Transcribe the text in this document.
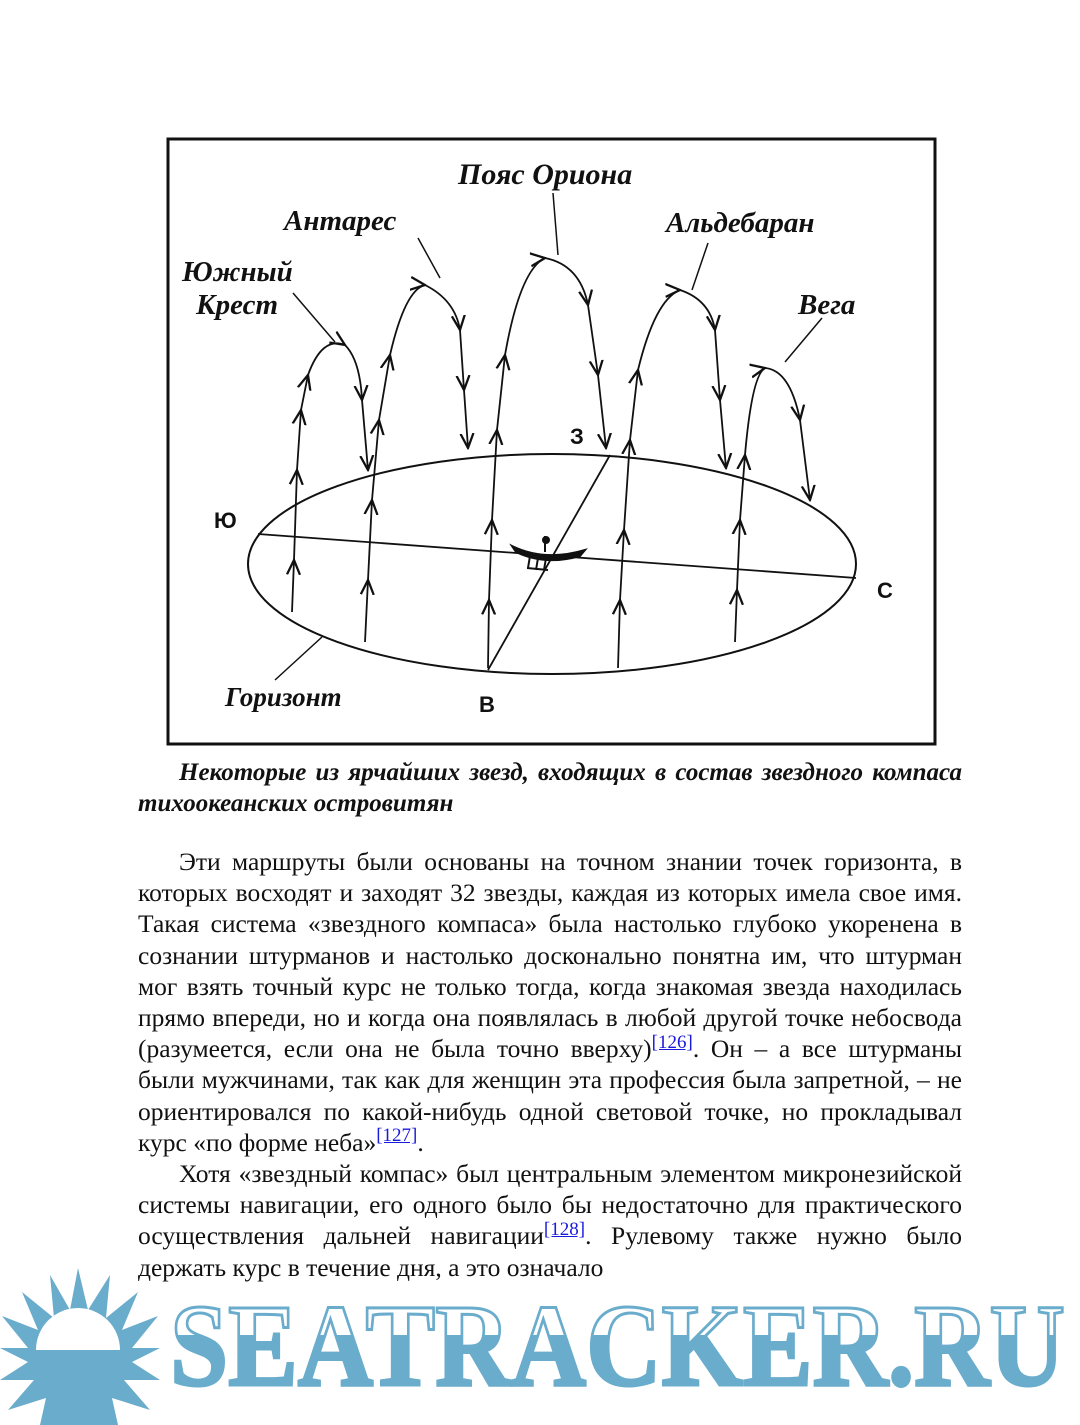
Пояс Ориона
Антарес	Альдебаран
Южный
Крест	Вега
Горизонт
З
Ю
С
В

Некоторые из ярчайших звезд, входящих в состав звездного компаса тихоокеанских островитян

Эти маршруты были основаны на точном знании точек горизонта, в которых восходят и заходят 32 звезды, каждая из которых имела свое имя. Такая система «звездного компаса» была настолько глубоко укоренена в сознании штурманов и настолько досконально понятна им, что штурман мог взять точный курс не только тогда, когда знакомая звезда находилась прямо впереди, но и когда она появлялась в любой другой точке небосвода (разумеется, если она не была точно вверху)[126]. Он – а все штурманы были мужчинами, так как для женщин эта профессия была запретной, – не ориентировался по какой-нибудь одной световой точке, но прокладывал курс «по форме неба»[127].

Хотя «звездный компас» был центральным элементом микронезийской системы навигации, его одного было бы недостаточно для практического осуществления дальней навигации[128]. Рулевому также нужно было держать курс в течение дня, а это означало

SEATRACKER.RU
